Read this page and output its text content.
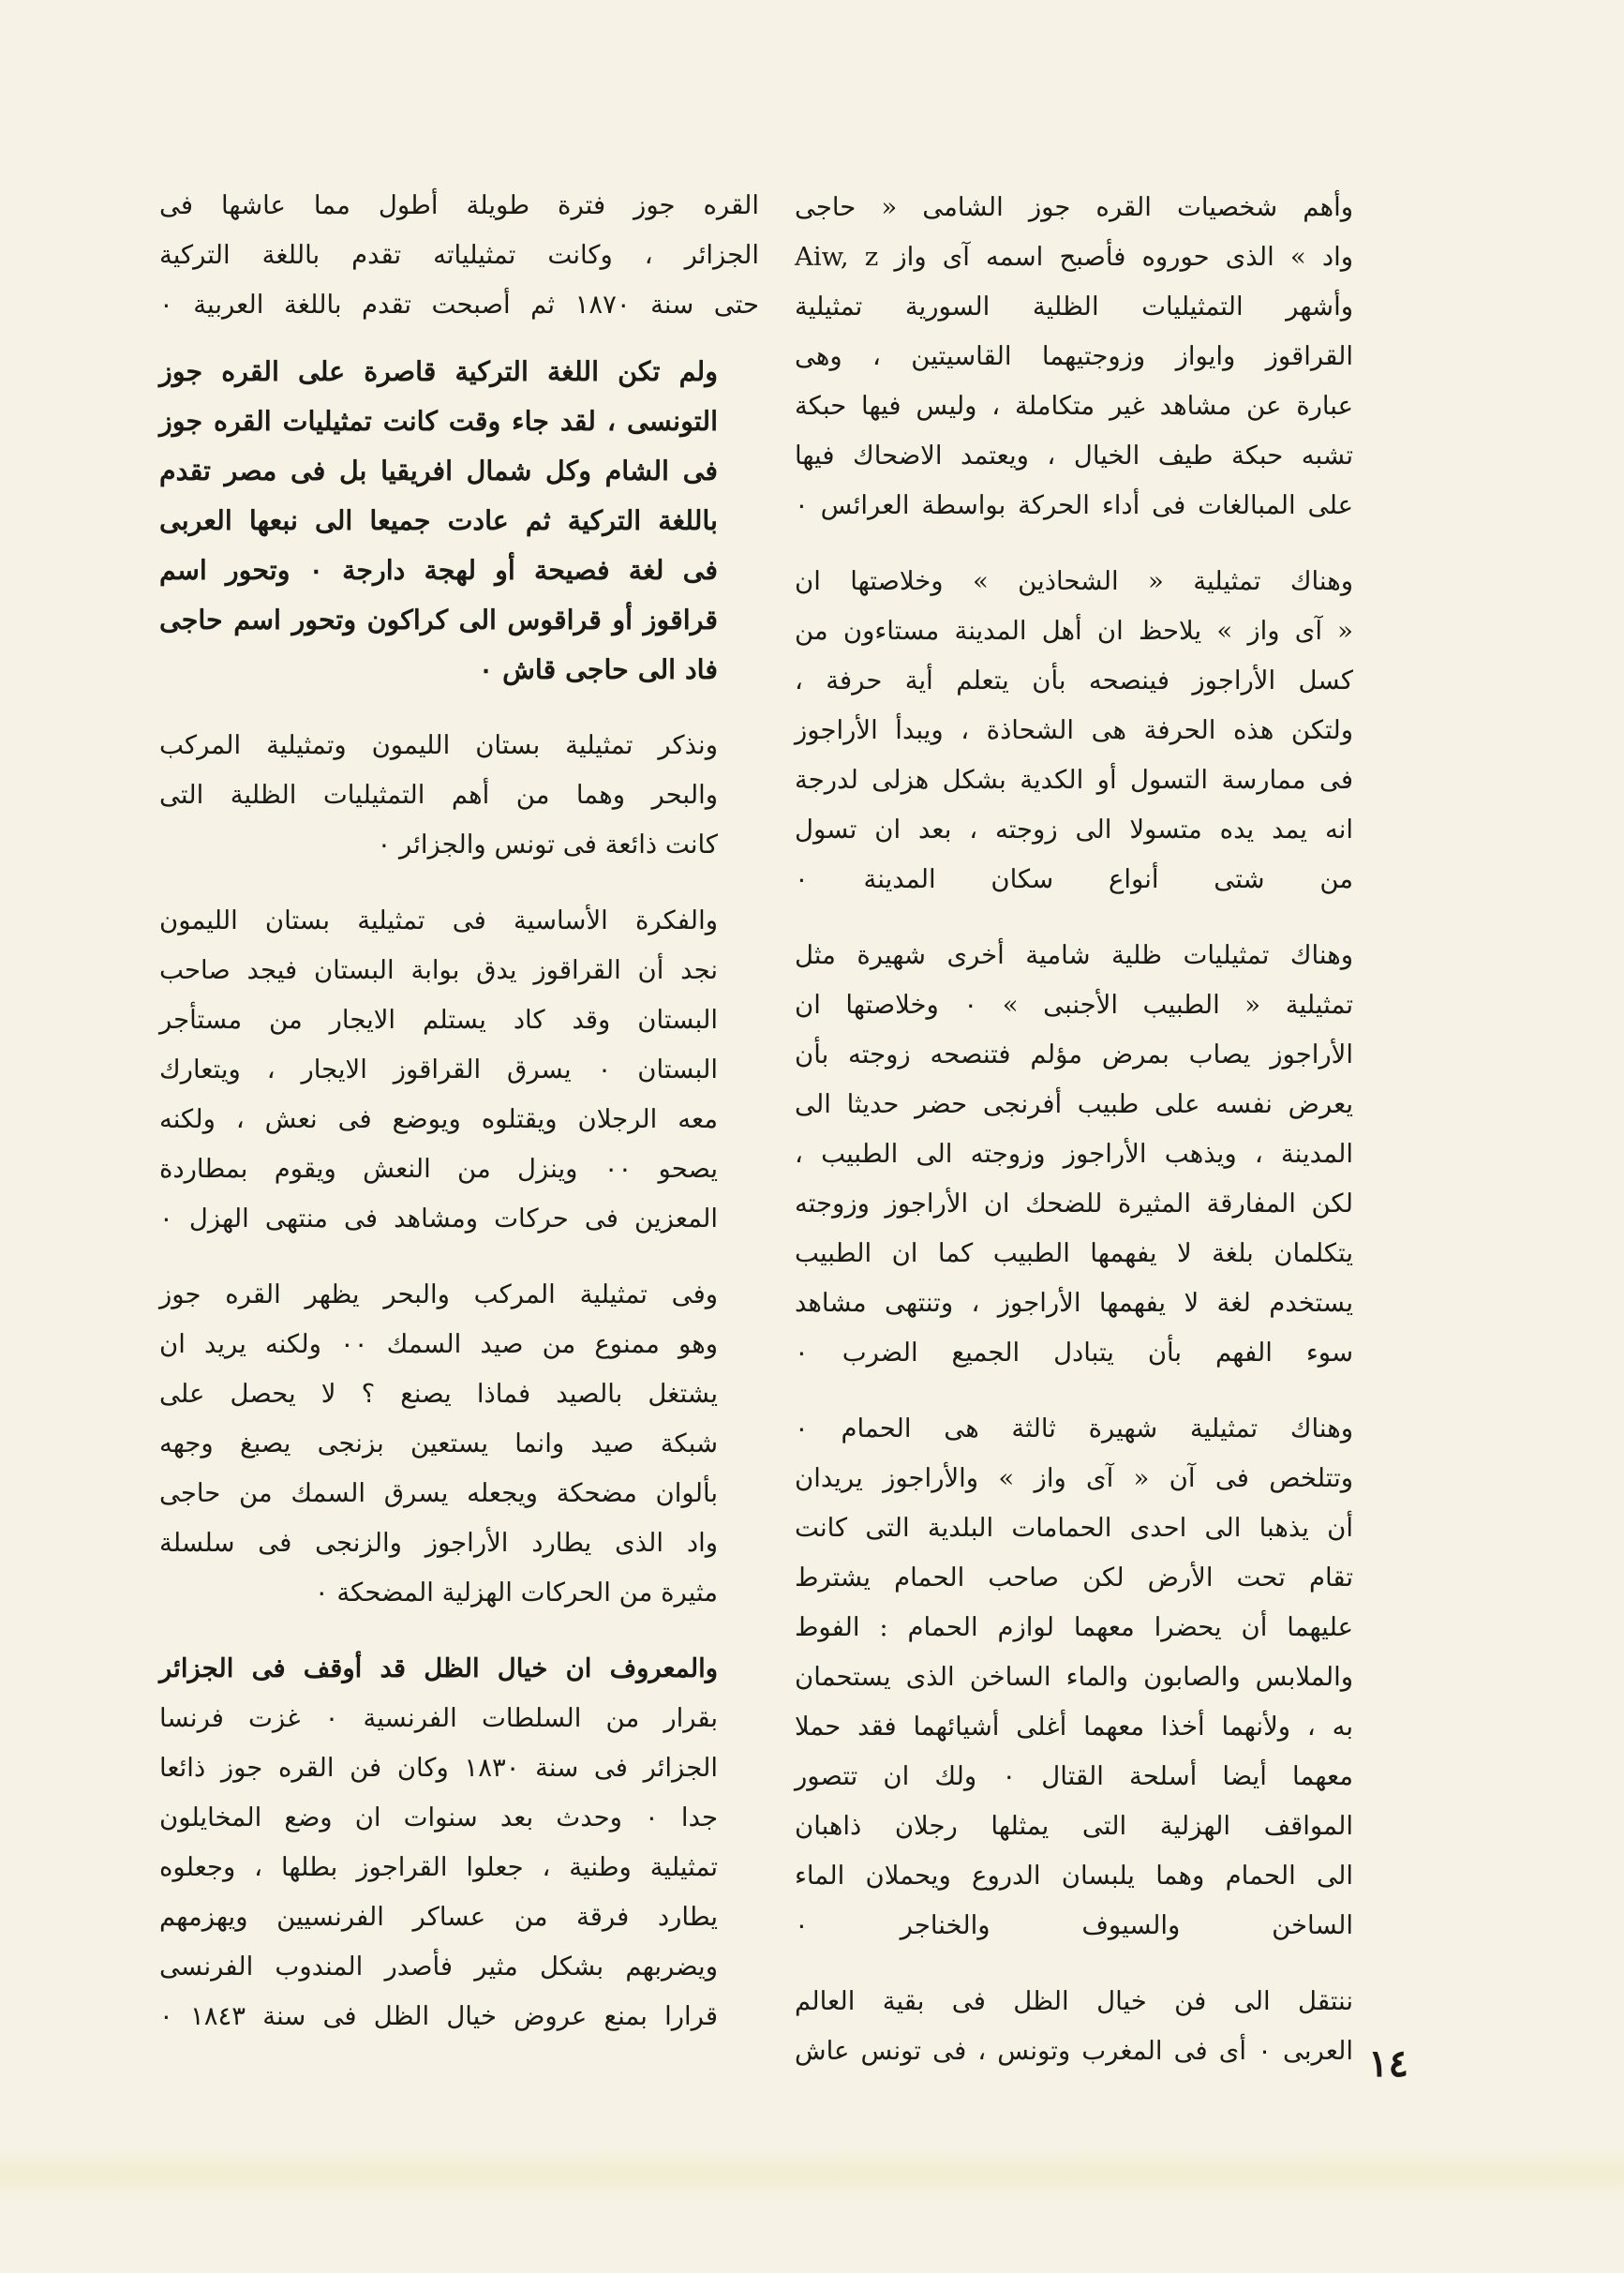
وأهم شخصيات القره جوز الشامى « حاجى
واد » الذى حوروه فأصبح اسمه آى واز Aiw, z
وأشهر التمثيليات الظلية السورية تمثيلية
القراقوز وايواز وزوجتيهما القاسيتين ، وهى
عبارة عن مشاهد غير متكاملة ، وليس فيها حبكة
تشبه حبكة طيف الخيال ، ويعتمد الاضحاك فيها
على المبالغات فى أداء الحركة بواسطة العرائس ٠

وهناك تمثيلية « الشحاذين » وخلاصتها ان
« آى واز » يلاحظ ان أهل المدينة مستاءون من
كسل الأراجوز فينصحه بأن يتعلم أية حرفة ،
ولتكن هذه الحرفة هى الشحاذة ، ويبدأ الأراجوز
فى ممارسة التسول أو الكدية بشكل هزلى لدرجة
انه يمد يده متسولا الى زوجته ، بعد ان تسول
من شتى أنواع سكان المدينة ٠

وهناك تمثيليات ظلية شامية أخرى شهيرة مثل
تمثيلية « الطبيب الأجنبى » ٠ وخلاصتها ان
الأراجوز يصاب بمرض مؤلم فتنصحه زوجته بأن
يعرض نفسه على طبيب أفرنجى حضر حديثا الى
المدينة ، ويذهب الأراجوز وزوجته الى الطبيب ،
لكن المفارقة المثيرة للضحك ان الأراجوز وزوجته
يتكلمان بلغة لا يفهمها الطبيب كما ان الطبيب
يستخدم لغة لا يفهمها الأراجوز ، وتنتهى مشاهد
سوء الفهم بأن يتبادل الجميع الضرب ٠

وهناك تمثيلية شهيرة ثالثة هى الحمام ٠
وتتلخص فى آن « آى واز » والأراجوز يريدان
أن يذهبا الى احدى الحمامات البلدية التى كانت
تقام تحت الأرض لكن صاحب الحمام يشترط
عليهما أن يحضرا معهما لوازم الحمام : الفوط
والملابس والصابون والماء الساخن الذى يستحمان
به ، ولأنهما أخذا معهما أغلى أشيائهما فقد حملا
معهما أيضا أسلحة القتال ٠ ولك ان تتصور
المواقف الهزلية التى يمثلها رجلان ذاهبان
الى الحمام وهما يلبسان الدروع ويحملان الماء
الساخن والسيوف والخناجر ٠

ننتقل الى فن خيال الظل فى بقية العالم
العربى ٠ أى فى المغرب وتونس ، فى تونس عاش

القره جوز فترة طويلة أطول مما عاشها فى
الجزائر ، وكانت تمثيلياته تقدم باللغة التركية
حتى سنة ١٨٧٠ ثم أصبحت تقدم باللغة العربية ٠

ولم تكن اللغة التركية قاصرة على القره جوز
التونسى ، لقد جاء وقت كانت تمثيليات القره جوز
فى الشام وكل شمال افريقيا بل فى مصر تقدم
باللغة التركية ثم عادت جميعا الى نبعها العربى
فى لغة فصيحة أو لهجة دارجة ٠ وتحور اسم
قراقوز أو قراقوس الى كراكون وتحور اسم حاجى
فاد الى حاجى قاش ٠

ونذكر تمثيلية بستان الليمون وتمثيلية المركب
والبحر وهما من أهم التمثيليات الظلية التى
كانت ذائعة فى تونس والجزائر ٠

والفكرة الأساسية فى تمثيلية بستان الليمون
نجد أن القراقوز يدق بوابة البستان فيجد صاحب
البستان وقد كاد يستلم الايجار من مستأجر
البستان ٠ يسرق القراقوز الايجار ، ويتعارك
معه الرجلان ويقتلوه ويوضع فى نعش ، ولكنه
يصحو ٠٠ وينزل من النعش ويقوم بمطاردة
المعزين فى حركات ومشاهد فى منتهى الهزل ٠

وفى تمثيلية المركب والبحر يظهر القره جوز
وهو ممنوع من صيد السمك ٠٠ ولكنه يريد ان
يشتغل بالصيد فماذا يصنع ؟ لا يحصل على
شبكة صيد وانما يستعين بزنجى يصبغ وجهه
بألوان مضحكة ويجعله يسرق السمك من حاجى
واد الذى يطارد الأراجوز والزنجى فى سلسلة
مثيرة من الحركات الهزلية المضحكة ٠

والمعروف ان خيال الظل قد أوقف فى الجزائر
بقرار من السلطات الفرنسية ٠ غزت فرنسا
الجزائر فى سنة ١٨٣٠ وكان فن القره جوز ذائعا
جدا ٠ وحدث بعد سنوات ان وضع المخايلون
تمثيلية وطنية ، جعلوا القراجوز بطلها ، وجعلوه
يطارد فرقة من عساكر الفرنسيين ويهزمهم
ويضربهم بشكل مثير فأصدر المندوب الفرنسى
قرارا بمنع عروض خيال الظل فى سنة ١٨٤٣ ٠

١٤
